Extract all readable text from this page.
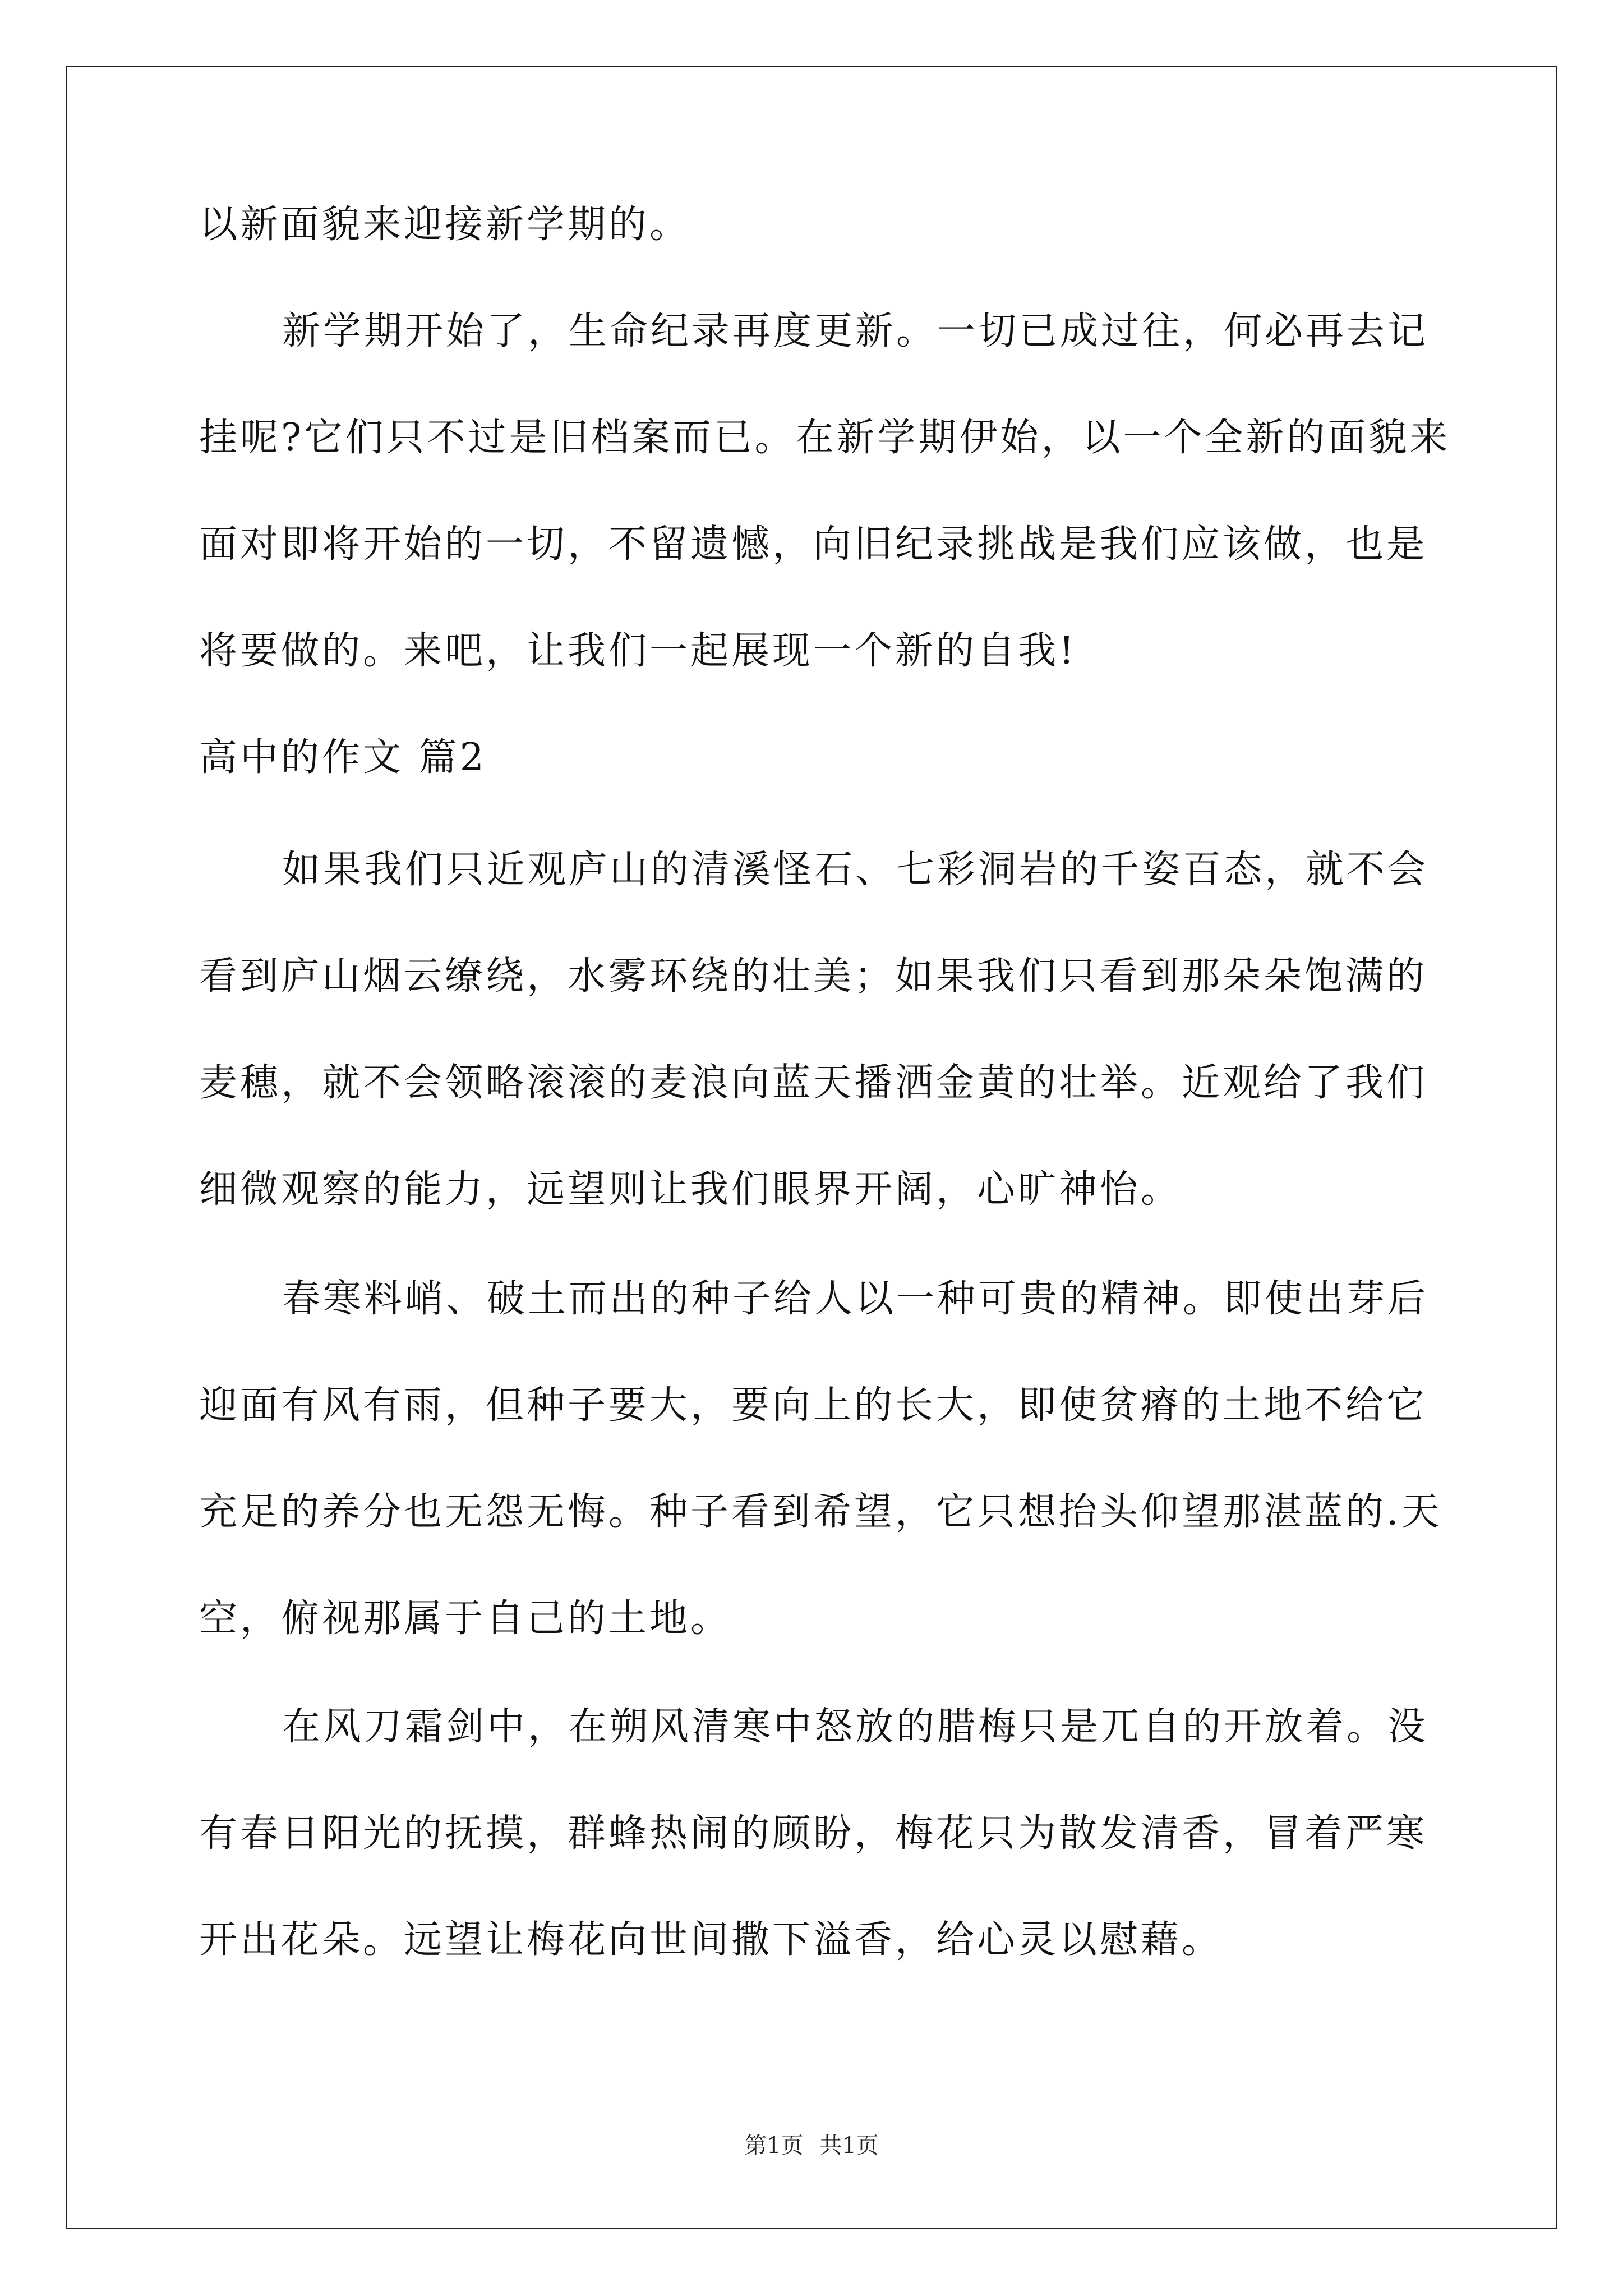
以新面貌来迎接新学期的。
新学期开始了，生命纪录再度更新。一切已成过往，何必再去记
挂呢?它们只不过是旧档案而已。在新学期伊始，以一个全新的面貌来
面对即将开始的一切，不留遗憾，向旧纪录挑战是我们应该做，也是
将要做的。来吧，让我们一起展现一个新的自我!
高中的作文 篇2
如果我们只近观庐山的清溪怪石、七彩洞岩的千姿百态，就不会
看到庐山烟云缭绕，水雾环绕的壮美；如果我们只看到那朵朵饱满的
麦穗，就不会领略滚滚的麦浪向蓝天播洒金黄的壮举。近观给了我们
细微观察的能力，远望则让我们眼界开阔，心旷神怡。
春寒料峭、破土而出的种子给人以一种可贵的精神。即使出芽后
迎面有风有雨，但种子要大，要向上的长大，即使贫瘠的土地不给它
充足的养分也无怨无悔。种子看到希望，它只想抬头仰望那湛蓝的.天
空，俯视那属于自己的土地。
在风刀霜剑中，在朔风清寒中怒放的腊梅只是兀自的开放着。没
有春日阳光的抚摸，群蜂热闹的顾盼，梅花只为散发清香，冒着严寒
开出花朵。远望让梅花向世间撒下溢香，给心灵以慰藉。
第1页 共1页
